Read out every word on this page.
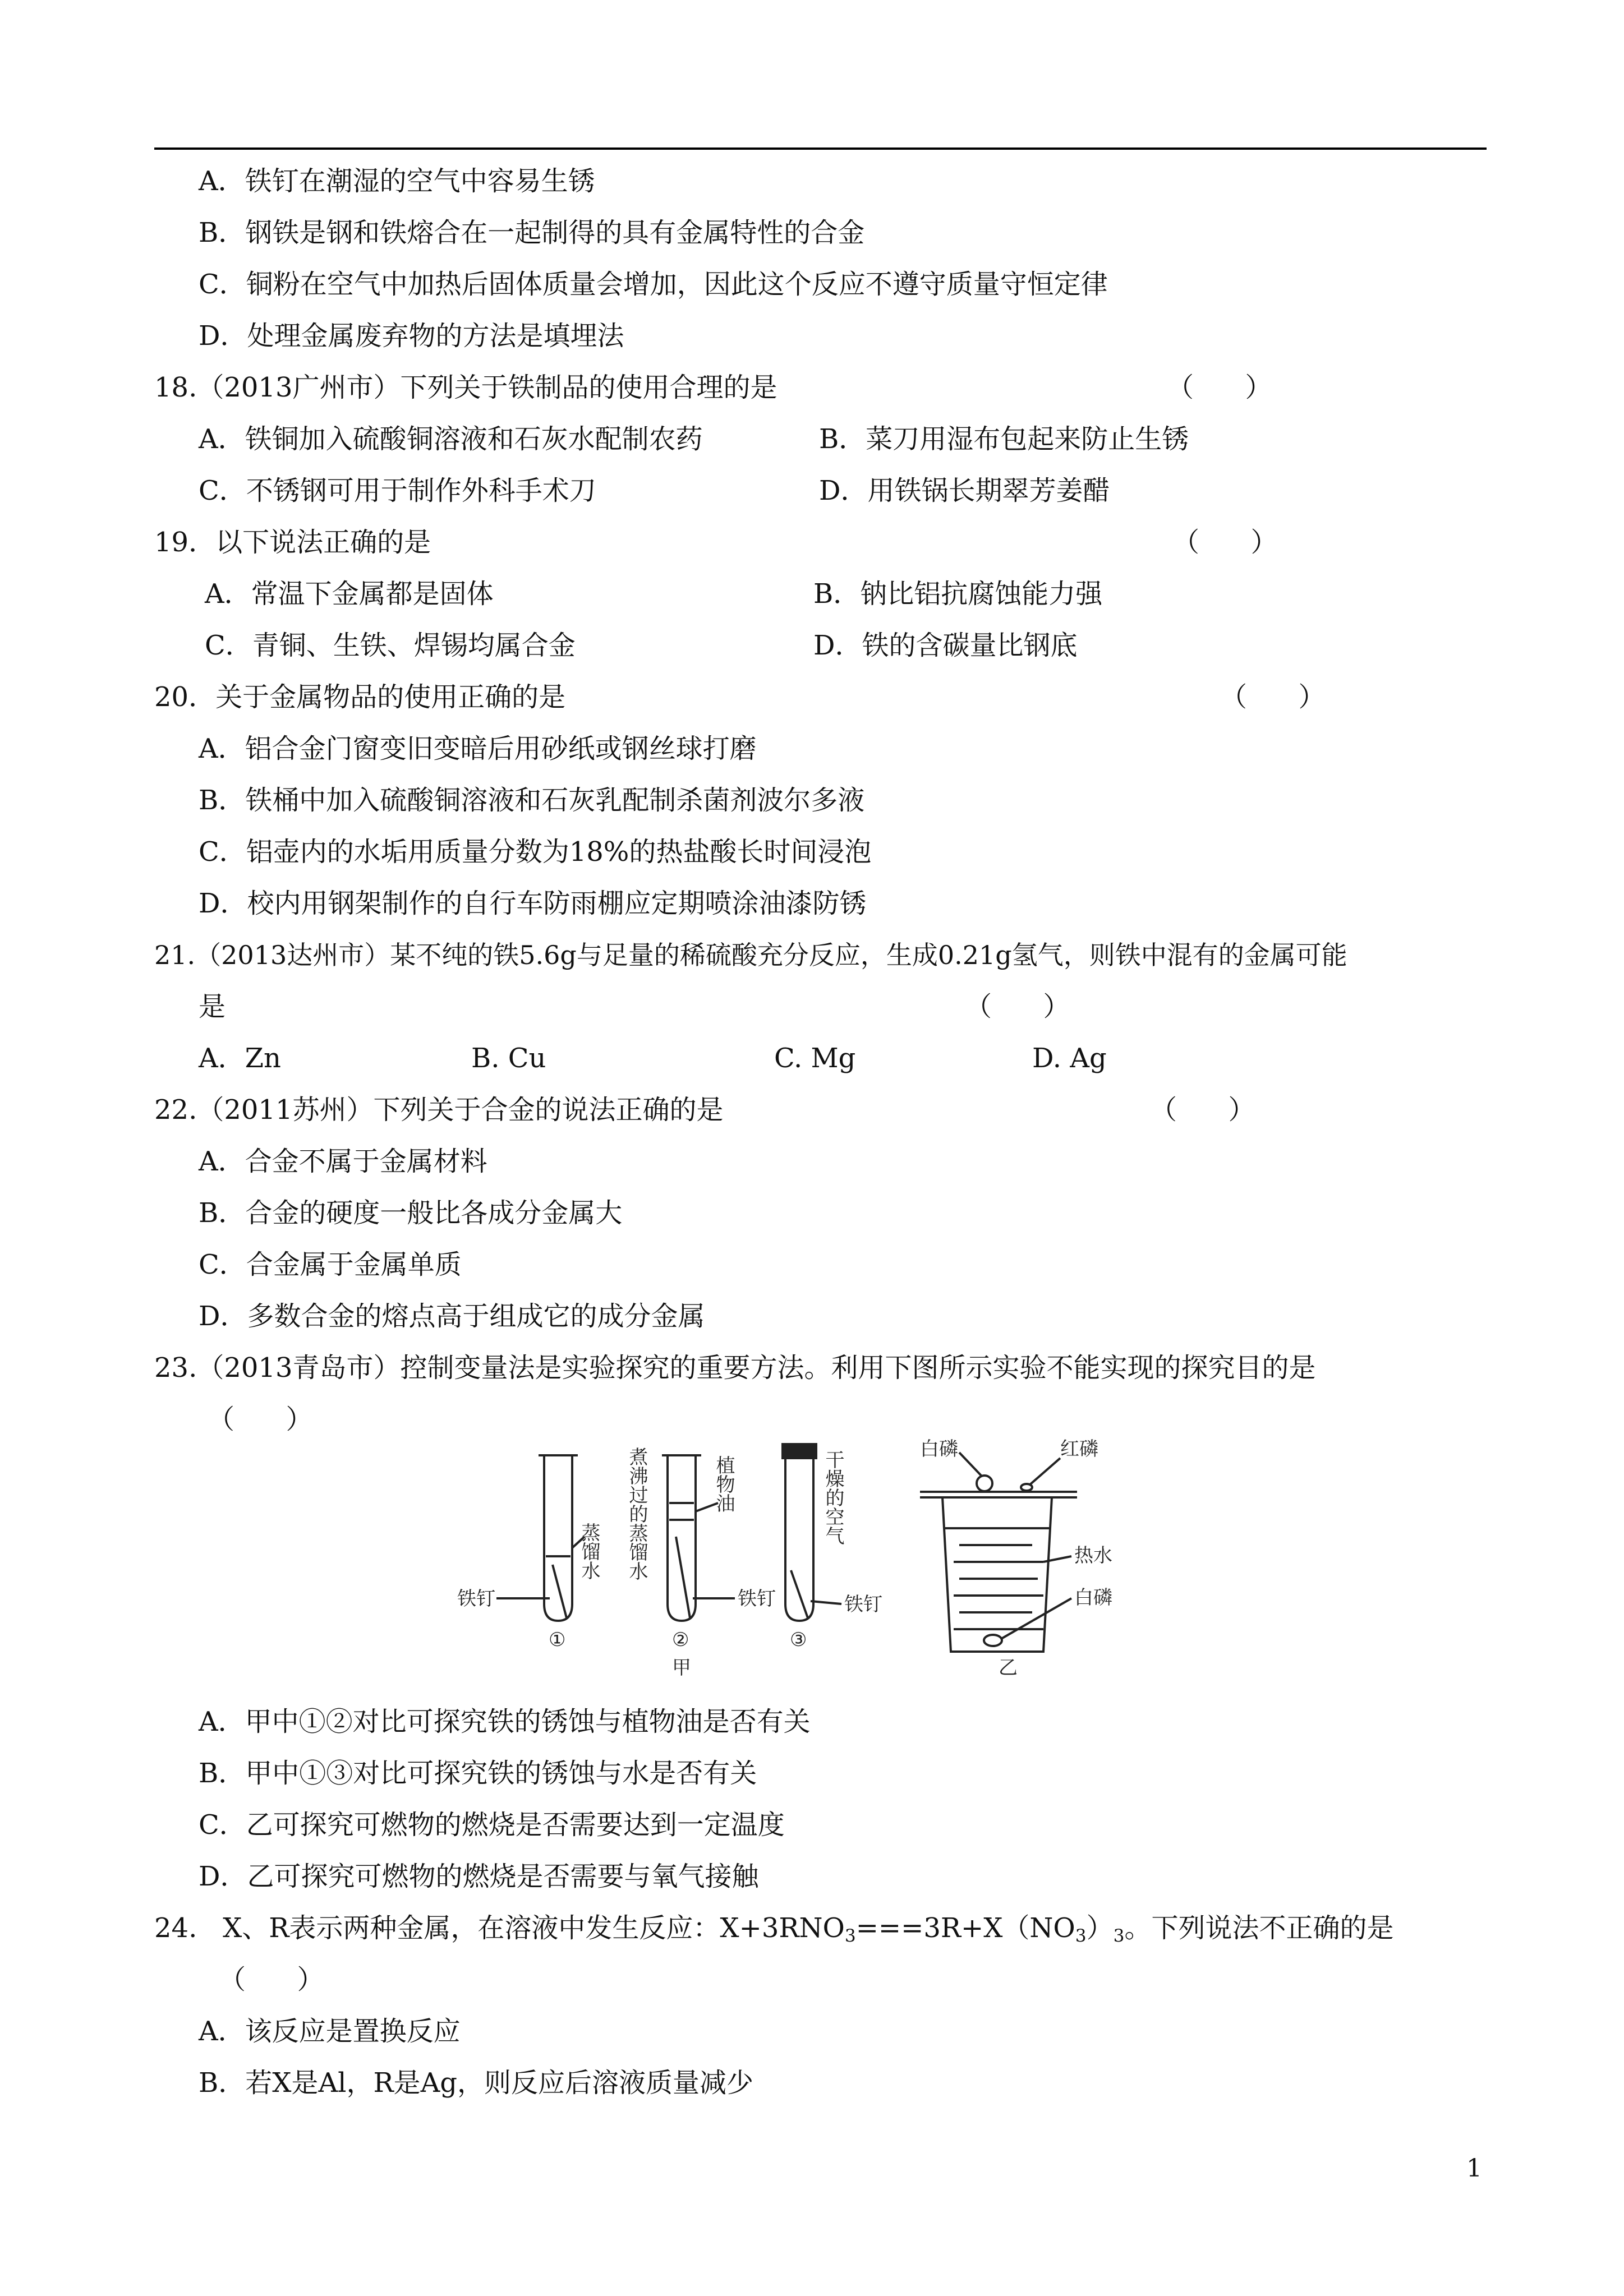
A．铁钉在潮湿的空气中容易生锈
B．钢铁是钢和铁熔合在一起制得的具有金属特性的合金
C．铜粉在空气中加热后固体质量会增加，因此这个反应不遵守质量守恒定律
D．处理金属废弃物的方法是填埋法
18.（2013广州市）下列关于铁制品的使用合理的是	（      ）
A．铁铜加入硫酸铜溶液和石灰水配制农药	B．菜刀用湿布包起来防止生锈
C．不锈钢可用于制作外科手术刀	D．用铁锅长期翠芳姜醋
19．以下说法正确的是	（      ）
A．常温下金属都是固体	B．钠比铝抗腐蚀能力强
C．青铜、生铁、焊锡均属合金	D．铁的含碳量比钢底
20．关于金属物品的使用正确的是	（      ）
A．铝合金门窗变旧变暗后用砂纸或钢丝球打磨
B．铁桶中加入硫酸铜溶液和石灰乳配制杀菌剂波尔多液
C．铝壶内的水垢用质量分数为18%的热盐酸长时间浸泡
D．校内用钢架制作的自行车防雨棚应定期喷涂油漆防锈
21.（2013达州市）某不纯的铁5.6g与足量的稀硫酸充分反应，生成0.21g氢气，则铁中混有的金属可能
是	（      ）
A．Zn	B. Cu	C. Mg	D. Ag
22.（2011苏州）下列关于合金的说法正确的是	（      ）
A．合金不属于金属材料
B．合金的硬度一般比各成分金属大
C．合金属于金属单质
D．多数合金的熔点高于组成它的成分金属
23.（2013青岛市）控制变量法是实验探究的重要方法。利用下图所示实验不能实现的探究目的是
（      ）
蒸馏水 煮沸过的蒸馏水	植物油	干燥的空气
铁钉	铁钉	铁钉
①	②	③
甲
白磷	红磷
热水
白磷
乙
A．甲中①②对比可探究铁的锈蚀与植物油是否有关
B．甲中①③对比可探究铁的锈蚀与水是否有关
C．乙可探究可燃物的燃烧是否需要达到一定温度
D．乙可探究可燃物的燃烧是否需要与氧气接触
24.   X、R表示两种金属，在溶液中发生反应：$X+3RNO_3===3R+X(NO_3)_3$。下列说法不正确的是
（      ）
A．该反应是置换反应
B．若X是Al，R是Ag，则反应后溶液质量减少
1
